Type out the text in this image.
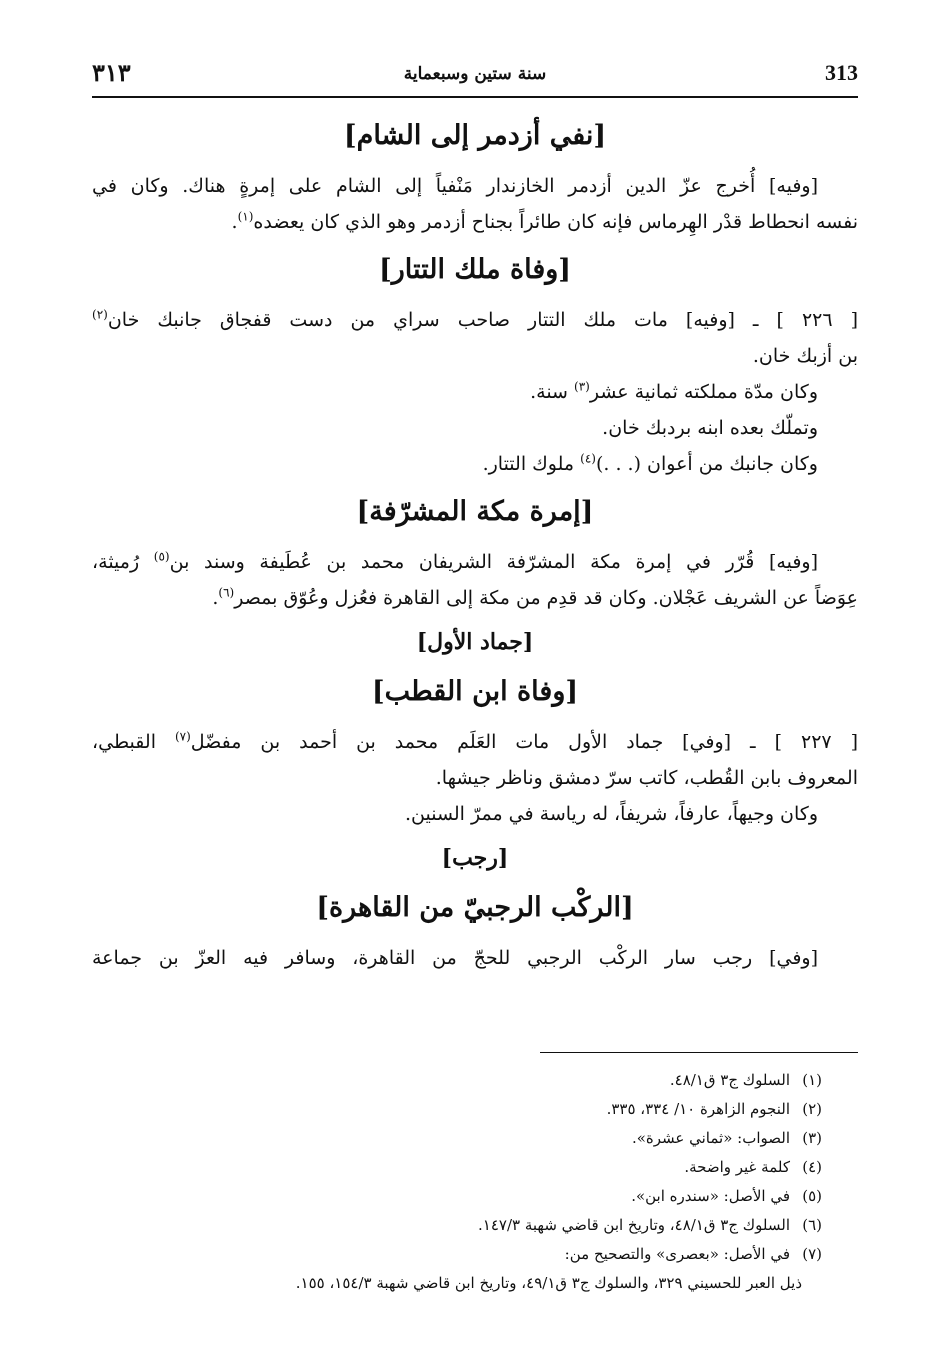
٣١٣	سنة ستين وسبعماية	313
[نفي أزدمر إلى الشام]

[وفيه] أُخرج عزّ الدين أزدمر الخازندار مَنْفياً إلى الشام على إمرةٍ هناك. وكان في
نفسه انحطاط قدْر الهِرماس فإنه كان طائراً بجناح أزدمر وهو الذي كان يعضده$^{(١)}$.

[وفاة ملك التتار]

[ ٢٢٦ ] ـ [وفيه] مات ملك التتار صاحب سراي من دست قفجاق جانبك خان$^{(٢)}$
بن أزبك خان.

وكان مدّة مملكته ثمانية عشر$^{(٣)}$ سنة.

وتملّك بعده ابنه بردبك خان.

وكان جانبك من أعوان (. . .)$^{(٤)}$ ملوك التتار.

[إمرة مكة المشرّفة]

[وفيه] قُرّر في إمرة مكة المشرّفة الشريفان محمد بن عُطَيفة وسند بن$^{(٥)}$ رُميثة،
عِوَضاً عن الشريف عَجْلان. وكان قد قدِم من مكة إلى القاهرة فعُزل وعُوّق بمصر$^{(٦)}$.

[جماد الأول]
[وفاة ابن القطب]

[ ٢٢٧ ] ـ [وفي] جماد الأول مات العَلَم محمد بن أحمد بن مفضّل$^{(٧)}$ القبطي،
المعروف بابن القُطب، كاتب سرّ دمشق وناظر جيشها.

وكان وجيهاً، عارفاً، شريفاً، له رياسة في ممرّ السنين.

[رجب]
[الركْب الرجبيّ من القاهرة]

[وفي] رجب سار الركْب الرجبي للحجّ من القاهرة، وسافر فيه العزّ بن جماعة

(١)السلوك ج٣ ق٤٨/١.
(٢)النجوم الزاهرة ١٠/ ٣٣٤، ٣٣٥.
(٣)الصواب: «ثماني عشرة».
(٤)كلمة غير واضحة.
(٥)في الأصل: «سندره ابن».
(٦)السلوك ج٣ ق٤٨/١، وتاريخ ابن قاضي شهبة ١٤٧/٣.
(٧)في الأصل: «بعصرى» والتصحيح من:
ذيل العبر للحسيني ٣٢٩، والسلوك ج٣ ق٤٩/١، وتاريخ ابن قاضي شهبة ١٥٤/٣، ١٥٥.
